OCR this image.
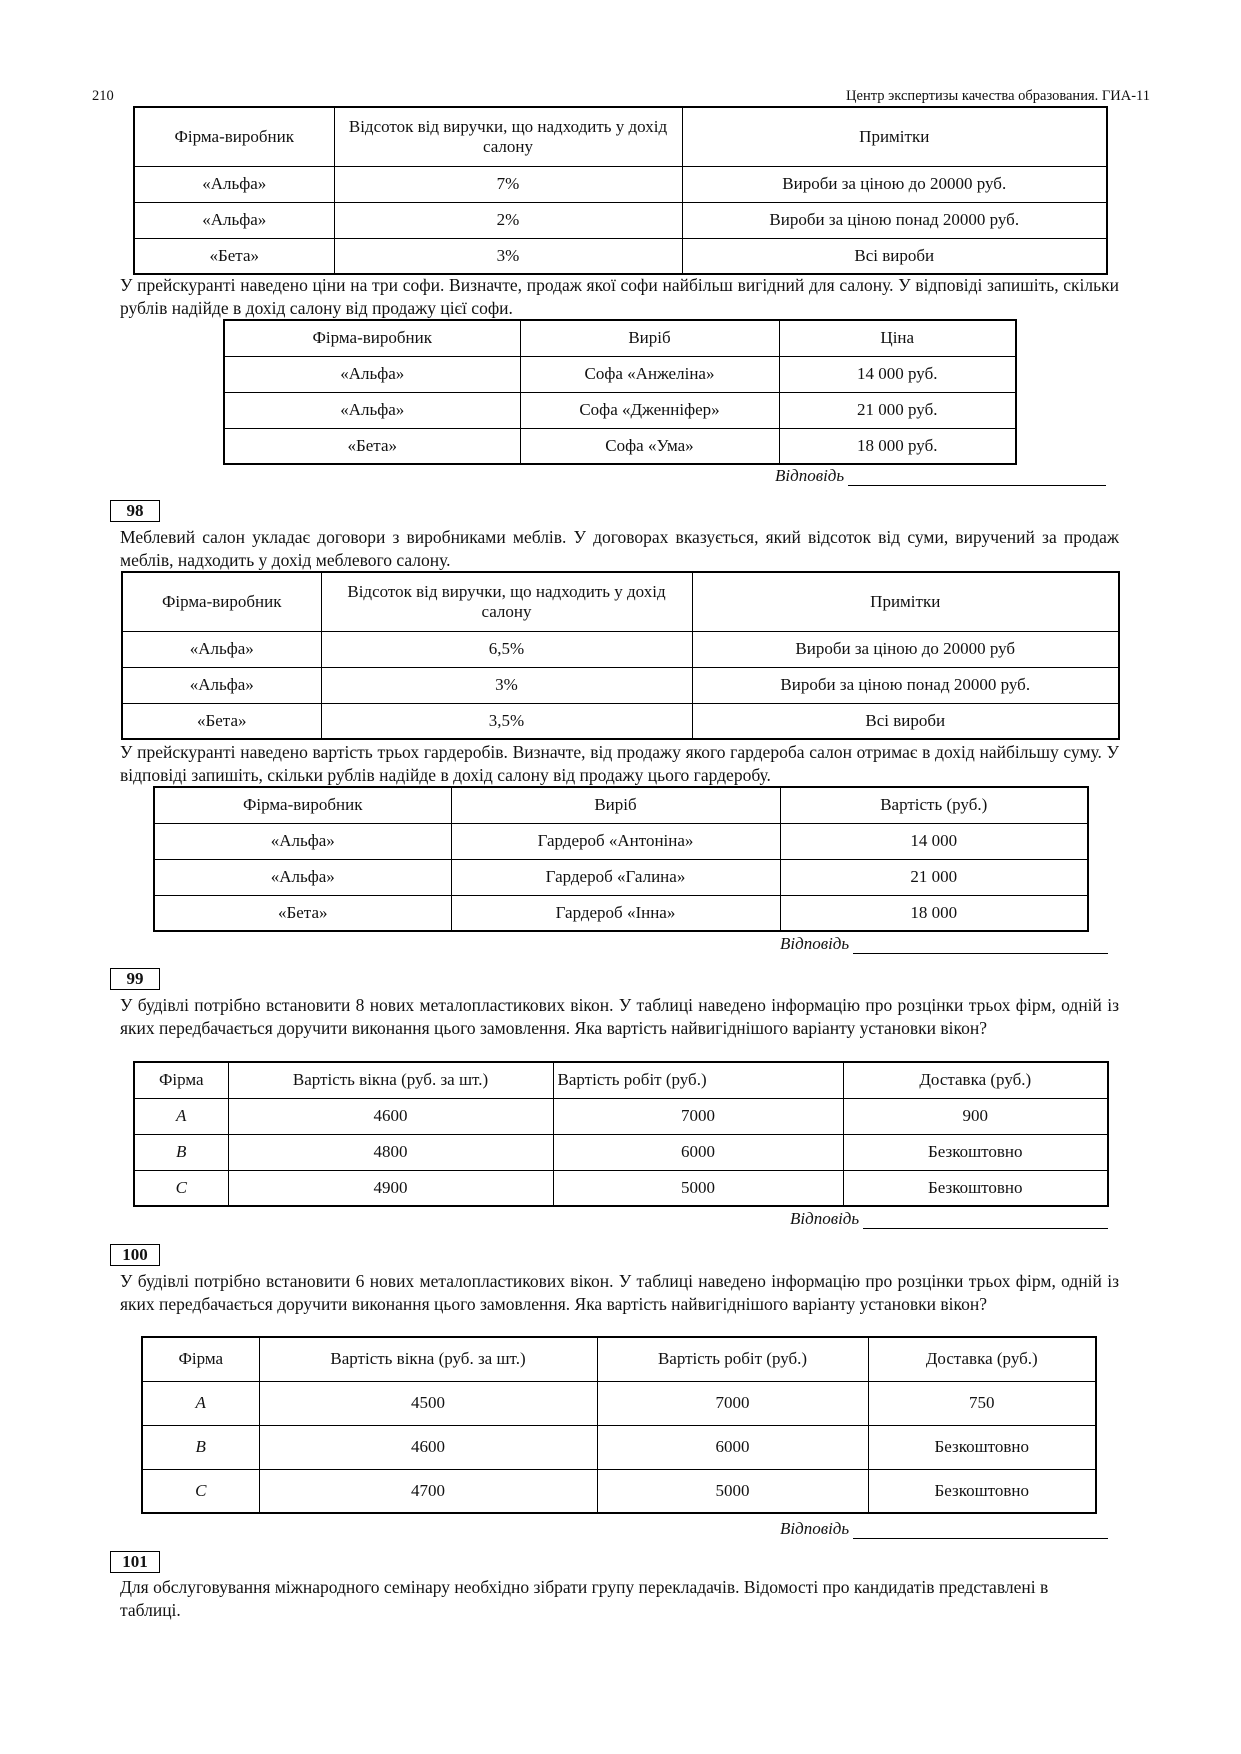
210	Центр экспертизы качества образования. ГИА-11
Фірма-виробник	Відсоток від виручки, що надходить у дохід салону	Примітки
«Альфа»	7%	Вироби за ціною до 20000 руб.
«Альфа»	2%	Вироби за ціною понад 20000 руб.
«Бета»	3%	Всі вироби
У прейскуранті наведено ціни на три софи. Визначте, продаж якої софи найбільш вигідний для салону. У відповіді запишіть, скільки рублів надійде в дохід салону від продажу цієї софи.
Фірма-виробник	Виріб	Ціна
«Альфа»	Софа «Анжеліна»	14 000 руб.
«Альфа»	Софа «Дженніфер»	21 000 руб.
«Бета»	Софа «Ума»	18 000 руб.
Відповідь
98
Меблевий салон укладає договори з виробниками меблів. У договорах вказується, який відсоток від суми, виручений за продаж меблів, надходить у дохід меблевого салону.
Фірма-виробник	Відсоток від виручки, що надходить у дохід салону	Примітки
«Альфа»	6,5%	Вироби за ціною до 20000 руб
«Альфа»	3%	Вироби за ціною понад 20000 руб.
«Бета»	3,5%	Всі вироби
У прейскуранті наведено вартість трьох гардеробів. Визначте, від продажу якого гардероба салон отримає в дохід найбільшу суму. У відповіді запишіть, скільки рублів надійде в дохід салону від продажу цього гардеробу.
Фірма-виробник	Виріб	Вартість (руб.)
«Альфа»	Гардероб «Антоніна»	14 000
«Альфа»	Гардероб «Галина»	21 000
«Бета»	Гардероб «Інна»	18 000
Відповідь
99
У будівлі потрібно встановити 8 нових металопластикових вікон. У таблиці наведено інформацію про розцінки трьох фірм, одній із яких передбачається доручити виконання цього замовлення. Яка вартість найвигіднішого варіанту установки вікон?
Фірма	Вартість вікна (руб. за шт.)	Вартість робіт (руб.)	Доставка (руб.)
A	4600	7000	900
B	4800	6000	Безкоштовно
C	4900	5000	Безкоштовно
Відповідь
100
У будівлі потрібно встановити 6 нових металопластикових вікон. У таблиці наведено інформацію про розцінки трьох фірм, одній із яких передбачається доручити виконання цього замовлення. Яка вартість найвигіднішого варіанту установки вікон?
Фірма	Вартість вікна (руб. за шт.)	Вартість робіт (руб.)	Доставка (руб.)
A	4500	7000	750
B	4600	6000	Безкоштовно
C	4700	5000	Безкоштовно
Відповідь
101
Для обслуговування міжнародного семінару необхідно зібрати групу перекладачів. Відомості про кандидатів представлені в таблиці.
